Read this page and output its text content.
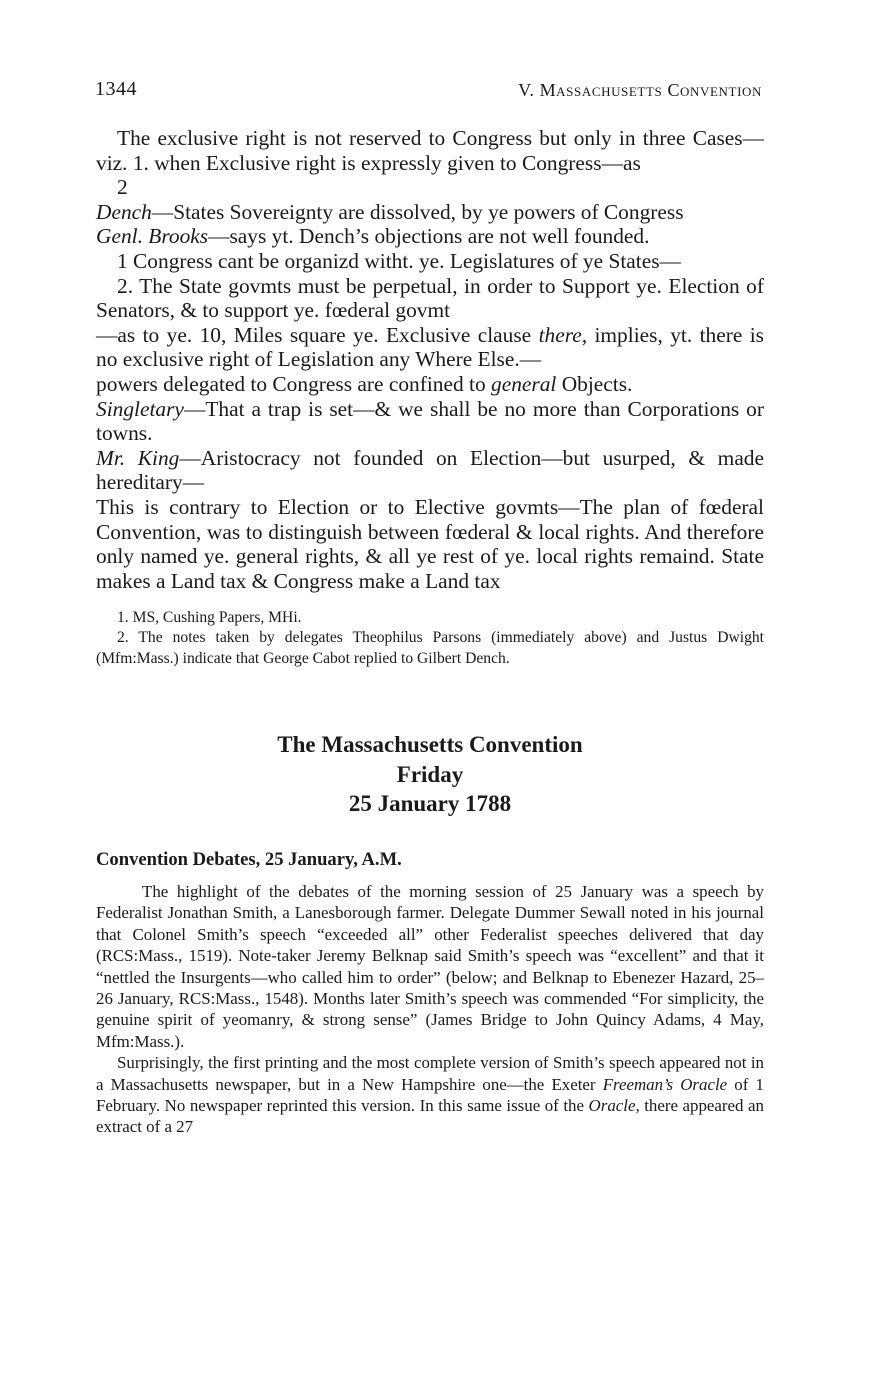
1344	V. Massachusetts Convention

The exclusive right is not reserved to Congress but only in three Cases—viz. 1. when Exclusive right is expressly given to Congress—as

2

Dench—States Sovereignty are dissolved, by ye powers of Congress

Genl. Brooks—says yt. Dench’s objections are not well founded.

1 Congress cant be organizd witht. ye. Legislatures of ye States—

2. The State govmts must be perpetual, in order to Support ye. Election of Senators, & to support ye. fœderal govmt

—as to ye. 10, Miles square ye. Exclusive clause there, implies, yt. there is no exclusive right of Legislation any Where Else.—

powers delegated to Congress are confined to general Objects.

Singletary—That a trap is set—& we shall be no more than Corporations or towns.

Mr. King—Aristocracy not founded on Election—but usurped, & made hereditary—

This is contrary to Election or to Elective govmts—The plan of fœderal Convention, was to distinguish between fœderal & local rights. And therefore only named ye. general rights, & all ye rest of ye. local rights remaind. State makes a Land tax & Congress make a Land tax

1. MS, Cushing Papers, MHi.

2. The notes taken by delegates Theophilus Parsons (immediately above) and Justus Dwight (Mfm:Mass.) indicate that George Cabot replied to Gilbert Dench.

The Massachusetts Convention
Friday
25 January 1788
Convention Debates, 25 January, A.M.

The highlight of the debates of the morning session of 25 January was a speech by Federalist Jonathan Smith, a Lanesborough farmer. Delegate Dummer Sewall noted in his journal that Colonel Smith’s speech “exceeded all” other Federalist speeches delivered that day (RCS:Mass., 1519). Note-taker Jeremy Belknap said Smith’s speech was “excellent” and that it “nettled the Insurgents—who called him to order” (below; and Belknap to Ebenezer Hazard, 25–26 January, RCS:Mass., 1548). Months later Smith’s speech was commended “For simplicity, the genuine spirit of yeomanry, & strong sense” (James Bridge to John Quincy Adams, 4 May, Mfm:Mass.).

Surprisingly, the first printing and the most complete version of Smith’s speech appeared not in a Massachusetts newspaper, but in a New Hampshire one—the Exeter Freeman’s Oracle of 1 February. No newspaper reprinted this version. In this same issue of the Oracle, there appeared an extract of a 27
